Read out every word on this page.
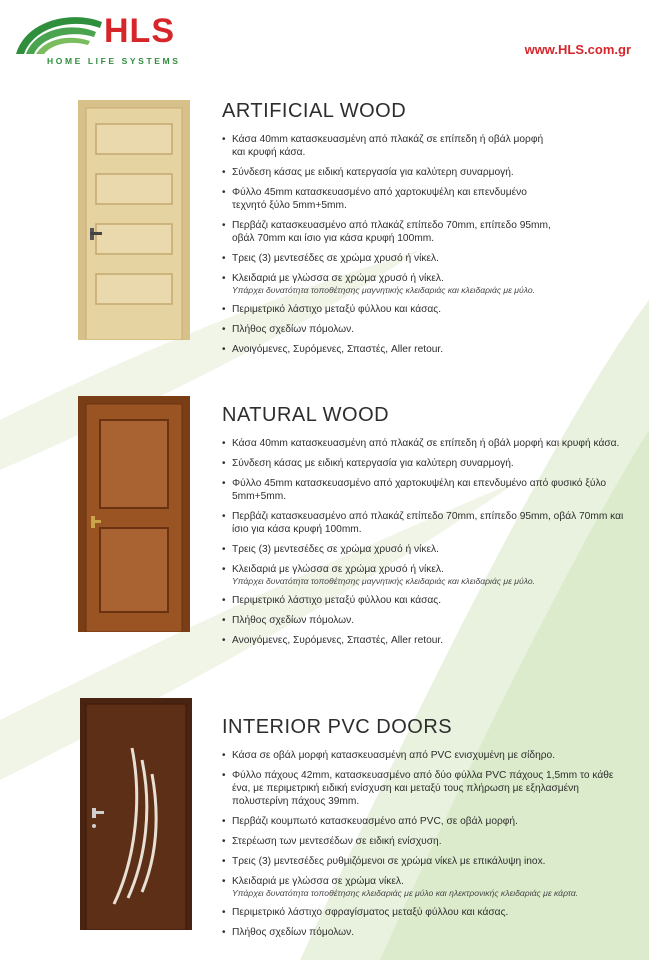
HLS
HOME LIFE SYSTEMS
www.HLS.com.gr
ARTIFICIAL WOOD
• Κάσα 40mm κατασκευασμένη από πλακάζ σε επίπεδη ή οβάλ μορφή και κρυφή κάσα.
• Σύνδεση κάσας με ειδική κατεργασία για καλύτερη συναρμογή.
• Φύλλο 45mm κατασκευασμένο από χαρτοκυψέλη και επενδυμένο τεχνητό ξύλο 5mm+5mm.
• Περβάζι κατασκευασμένο από πλακάζ επίπεδο 70mm, επίπεδο 95mm, οβάλ 70mm και ίσιο για κάσα κρυφή 100mm.
• Τρεις (3) μεντεσέδες σε χρώμα χρυσό ή νίκελ.
• Κλειδαριά με γλώσσα σε χρώμα χρυσό ή νίκελ.
Υπάρχει δυνατότητα τοποθέτησης μαγνητικής κλειδαριάς και κλειδαριάς με μύλο.
• Περιμετρικό λάστιχο μεταξύ φύλλου και κάσας.
• Πλήθος σχεδίων πόμολων.
• Ανοιγόμενες, Συρόμενες, Σπαστές, Aller retour.
NATURAL WOOD
• Κάσα 40mm κατασκευασμένη από πλακάζ σε επίπεδη ή οβάλ μορφή και κρυφή κάσα.
• Σύνδεση κάσας με ειδική κατεργασία για καλύτερη συναρμογή.
• Φύλλο 45mm κατασκευασμένο από χαρτοκυψέλη και επενδυμένο από φυσικό ξύλο 5mm+5mm.
• Περβάζι κατασκευασμένο από πλακάζ επίπεδο 70mm, επίπεδο 95mm, οβάλ 70mm και ίσιο για κάσα κρυφή 100mm.
• Τρεις (3) μεντεσέδες σε χρώμα χρυσό ή νίκελ.
• Κλειδαριά με γλώσσα σε χρώμα χρυσό ή νίκελ.
Υπάρχει δυνατότητα τοποθέτησης μαγνητικής κλειδαριάς και κλειδαριάς με μύλο.
• Περιμετρικό λάστιχο μεταξύ φύλλου και κάσας.
• Πλήθος σχεδίων πόμολων.
• Ανοιγόμενες, Συρόμενες, Σπαστές, Aller retour.
INTERIOR PVC DOORS
• Κάσα σε οβάλ μορφή κατασκευασμένη από PVC ενισχυμένη με σίδηρο.
• Φύλλο πάχους 42mm, κατασκευασμένο από δύο φύλλα PVC πάχους 1,5mm το κάθε ένα, με περιμετρική ειδική ενίσχυση και μεταξύ τους πλήρωση με εξηλασμένη πολυστερίνη πάχους 39mm.
• Περβάζι κουμπωτό κατασκευασμένο από PVC, σε οβάλ μορφή.
• Στερέωση των μεντεσέδων σε ειδική ενίσχυση.
• Τρεις (3) μεντεσέδες ρυθμιζόμενοι σε χρώμα νίκελ με επικάλυψη inox.
• Κλειδαριά με γλώσσα σε χρώμα νίκελ.
Υπάρχει δυνατότητα τοποθέτησης κλειδαριάς με μύλο και ηλεκτρονικής κλειδαριάς με κάρτα.
• Περιμετρικό λάστιχο σφραγίσματος μεταξύ φύλλου και κάσας.
• Πλήθος σχεδίων πόμολων.
